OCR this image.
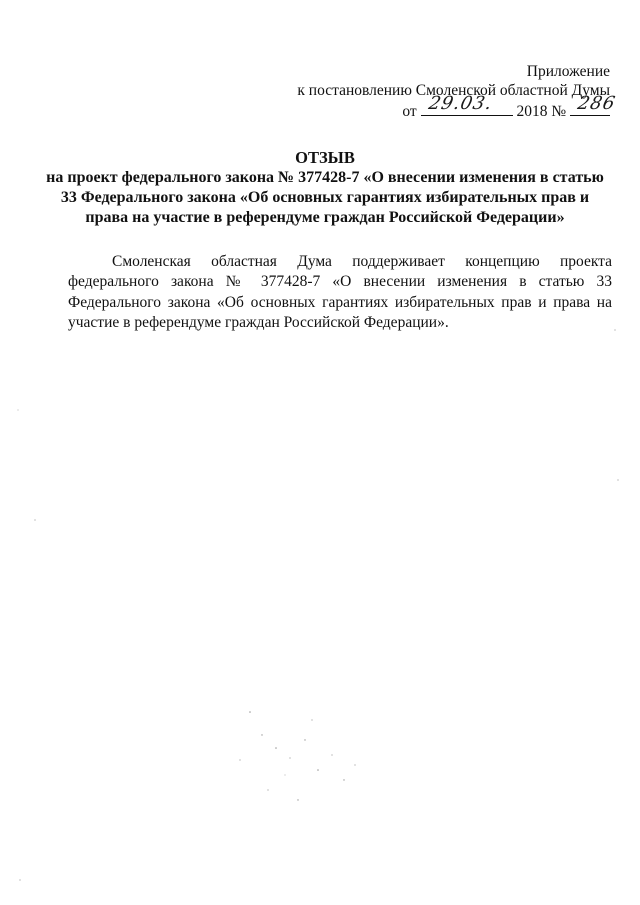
Приложение
к постановлению Смоленской областной Думы
от 29.03. 2018 № 286
ОТЗЫВ
на проект федерального закона № 377428-7 «О внесении изменения в статью 33 Федерального закона «Об основных гарантиях избирательных прав и права на участие в референдуме граждан Российской Федерации»

Смоленская областная Дума поддерживает концепцию проекта федерального закона № 377428-7 «О внесении изменения в статью 33 Федерального закона «Об основных гарантиях избирательных прав и права на участие в референдуме граждан Российской Федерации».
